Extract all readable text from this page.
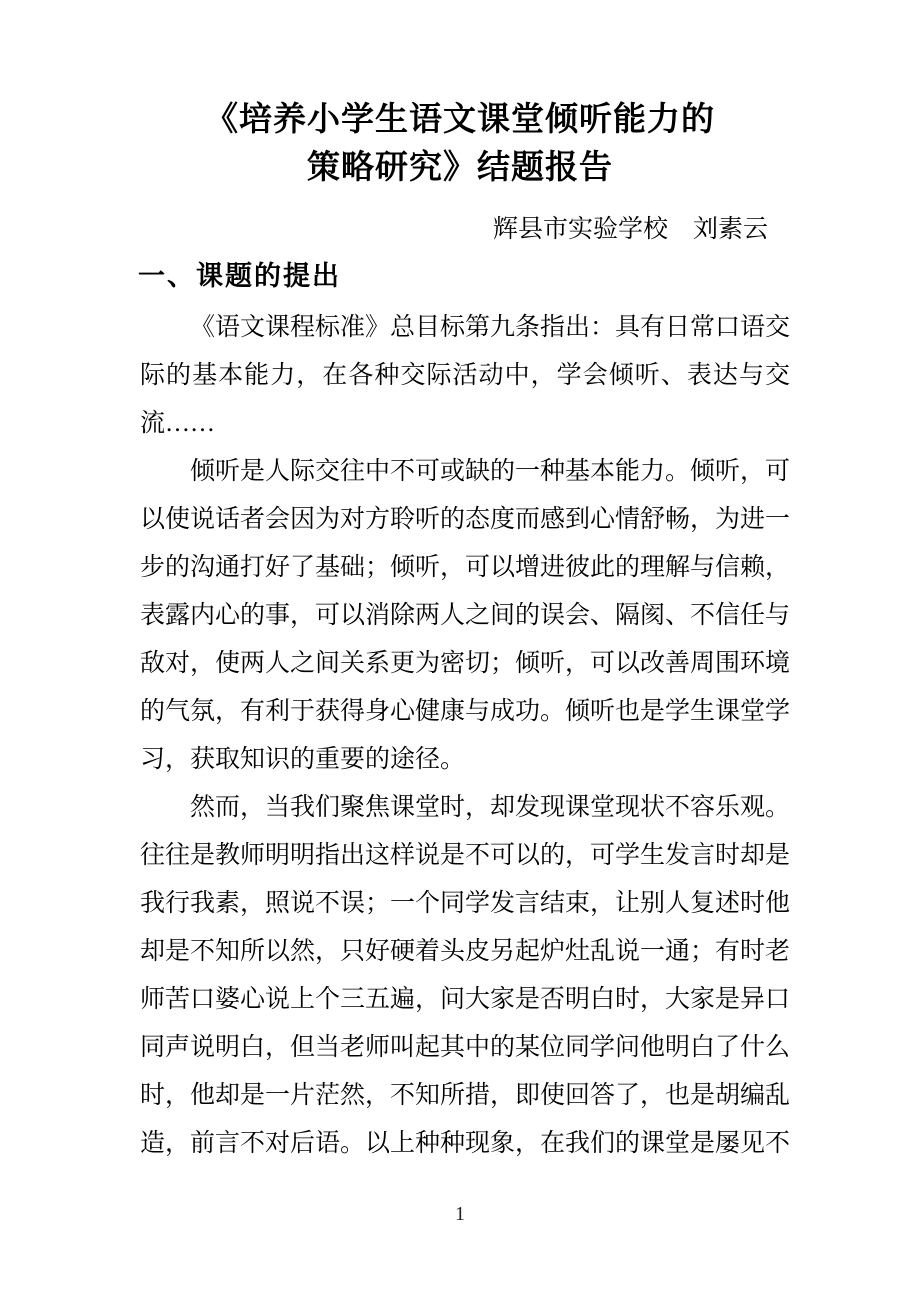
《培养小学生语文课堂倾听能力的
策略研究》结题报告
辉县市实验学校　刘素云
一、课题的提出

《语文课程标准》总目标第九条指出：具有日常口语交际的基本能力，在各种交际活动中，学会倾听、表达与交流……

倾听是人际交往中不可或缺的一种基本能力。倾听，可以使说话者会因为对方聆听的态度而感到心情舒畅，为进一步的沟通打好了基础；倾听，可以增进彼此的理解与信赖，表露内心的事，可以消除两人之间的误会、隔阂、不信任与敌对，使两人之间关系更为密切；倾听，可以改善周围环境的气氛，有利于获得身心健康与成功。倾听也是学生课堂学习，获取知识的重要的途径。

然而，当我们聚焦课堂时，却发现课堂现状不容乐观。往往是教师明明指出这样说是不可以的，可学生发言时却是我行我素，照说不误；一个同学发言结束，让别人复述时他却是不知所以然，只好硬着头皮另起炉灶乱说一通；有时老师苦口婆心说上个三五遍，问大家是否明白时，大家是异口同声说明白，但当老师叫起其中的某位同学问他明白了什么时，他却是一片茫然，不知所措，即使回答了，也是胡编乱造，前言不对后语。以上种种现象，在我们的课堂是屡见不

1
